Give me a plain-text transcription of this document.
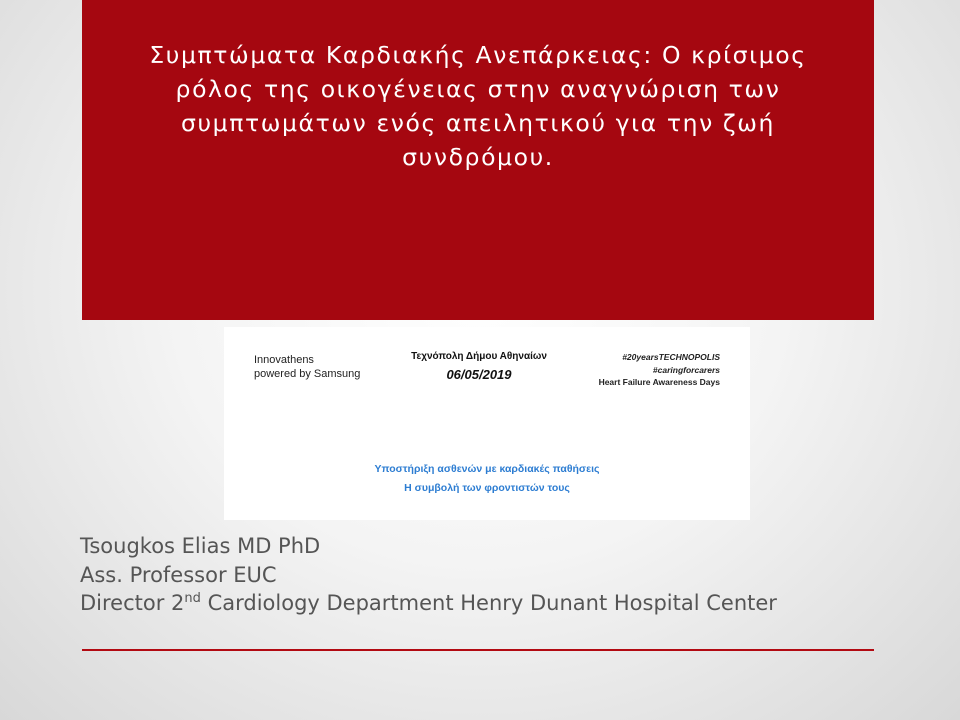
Συμπτώματα Καρδιακής Ανεπάρκειας: Ο κρίσιμος ρόλος της οικογένειας στην αναγνώριση των συμπτωμάτων ενός απειλητικού για την ζωή συνδρόμου.

Innovathens
powered by Samsung
Τεχνόπολη Δήμου Αθηναίων
06/05/2019
#20yearsTECHNOPOLIS
#caringforcarers
Heart Failure Awareness Days
Υποστήριξη ασθενών με καρδιακές παθήσεις
Η συμβολή των φροντιστών τους
Tsougkos Elias MD PhD
Ass. Professor EUC
Director 2nd Cardiology Department Henry Dunant Hospital Center
